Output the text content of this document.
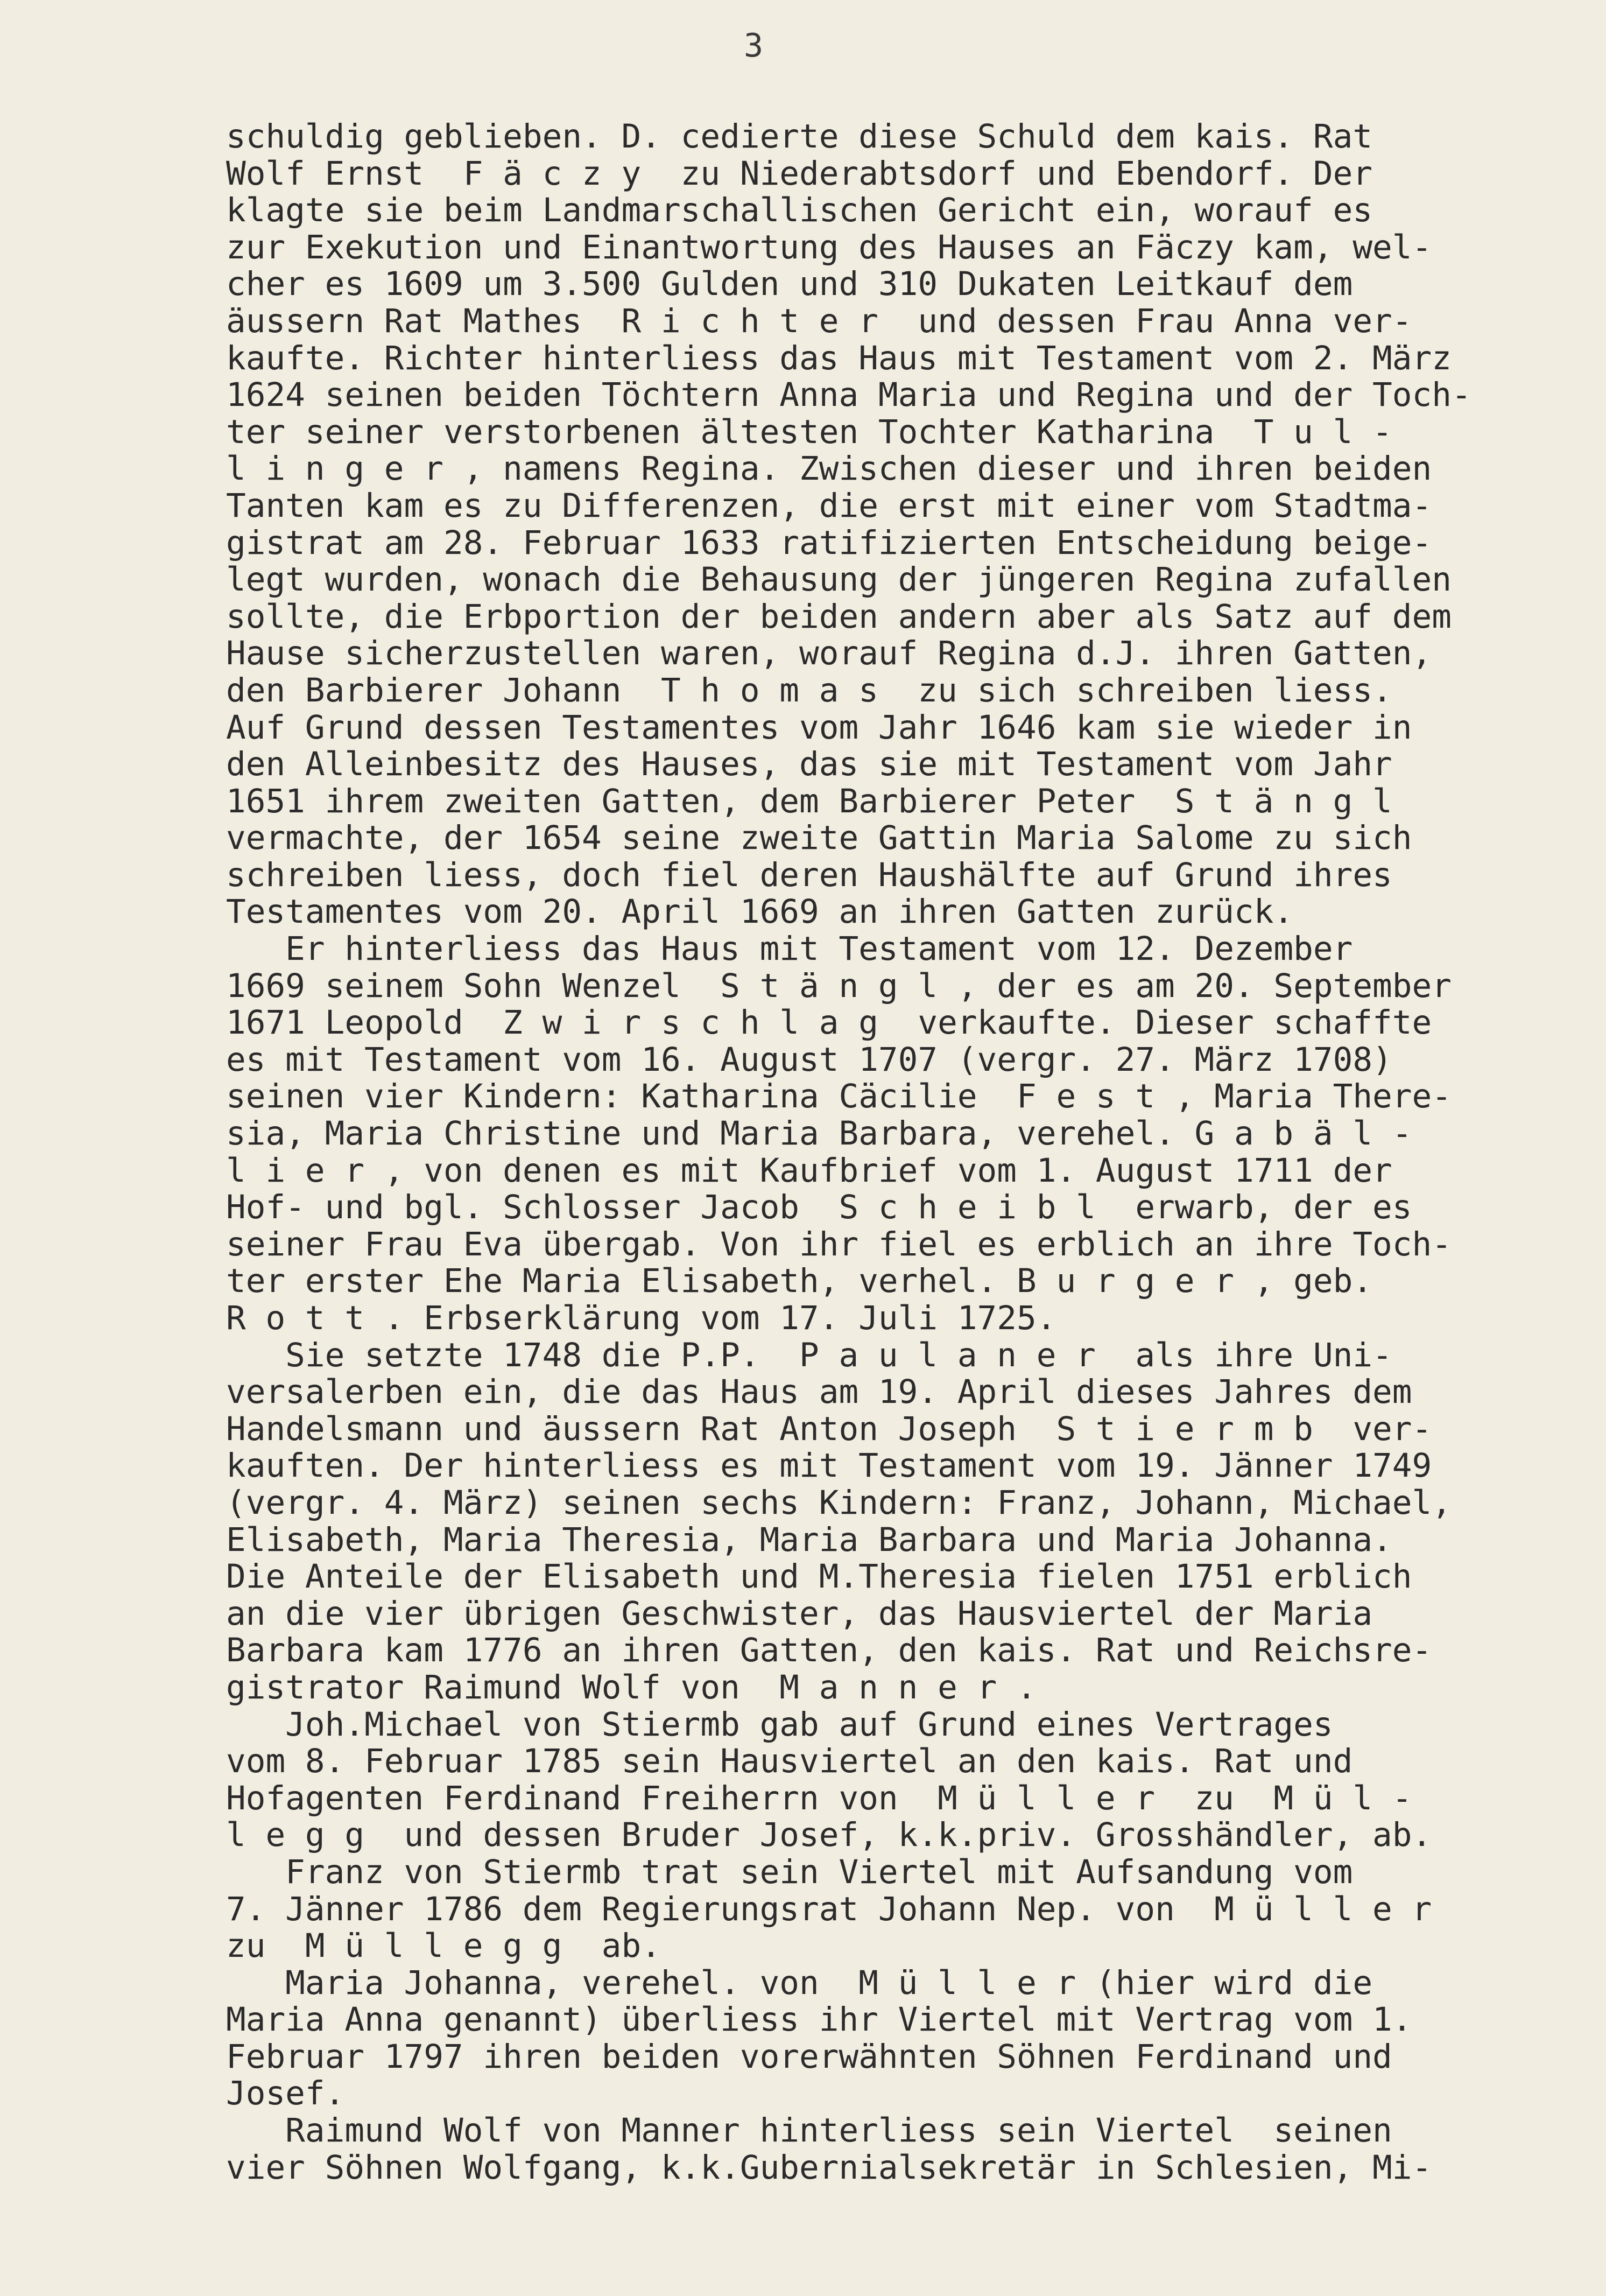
3
schuldig geblieben. D. cedierte diese Schuld dem kais. Rat
Wolf Ernst  F ä c z y  zu Niederabtsdorf und Ebendorf. Der
klagte sie beim Landmarschallischen Gericht ein, worauf es
zur Exekution und Einantwortung des Hauses an Fäczy kam, wel-
cher es 1609 um 3.500 Gulden und 310 Dukaten Leitkauf dem
äussern Rat Mathes  R i c h t e r  und dessen Frau Anna ver-
kaufte. Richter hinterliess das Haus mit Testament vom 2. März
1624 seinen beiden Töchtern Anna Maria und Regina und der Toch-
ter seiner verstorbenen ältesten Tochter Katharina  T u l -
l i n g e r , namens Regina. Zwischen dieser und ihren beiden
Tanten kam es zu Differenzen, die erst mit einer vom Stadtma-
gistrat am 28. Februar 1633 ratifizierten Entscheidung beige-
legt wurden, wonach die Behausung der jüngeren Regina zufallen
sollte, die Erbportion der beiden andern aber als Satz auf dem
Hause sicherzustellen waren, worauf Regina d.J. ihren Gatten,
den Barbierer Johann  T h o m a s  zu sich schreiben liess.
Auf Grund dessen Testamentes vom Jahr 1646 kam sie wieder in
den Alleinbesitz des Hauses, das sie mit Testament vom Jahr
1651 ihrem zweiten Gatten, dem Barbierer Peter  S t ä n g l
vermachte, der 1654 seine zweite Gattin Maria Salome zu sich
schreiben liess, doch fiel deren Haushälfte auf Grund ihres
Testamentes vom 20. April 1669 an ihren Gatten zurück.
Er hinterliess das Haus mit Testament vom 12. Dezember
1669 seinem Sohn Wenzel  S t ä n g l , der es am 20. September
1671 Leopold  Z w i r s c h l a g  verkaufte. Dieser schaffte
es mit Testament vom 16. August 1707 (vergr. 27. März 1708)
seinen vier Kindern: Katharina Cäcilie  F e s t , Maria There-
sia, Maria Christine und Maria Barbara, verehel. G a b ä l -
l i e r , von denen es mit Kaufbrief vom 1. August 1711 der
Hof- und bgl. Schlosser Jacob  S c h e i b l  erwarb, der es
seiner Frau Eva übergab. Von ihr fiel es erblich an ihre Toch-
ter erster Ehe Maria Elisabeth, verhel. B u r g e r , geb.
R o t t . Erbserklärung vom 17. Juli 1725.
Sie setzte 1748 die P.P.  P a u l a n e r  als ihre Uni-
versalerben ein, die das Haus am 19. April dieses Jahres dem
Handelsmann und äussern Rat Anton Joseph  S t i e r m b  ver-
kauften. Der hinterliess es mit Testament vom 19. Jänner 1749
(vergr. 4. März) seinen sechs Kindern: Franz, Johann, Michael,
Elisabeth, Maria Theresia, Maria Barbara und Maria Johanna.
Die Anteile der Elisabeth und M.Theresia fielen 1751 erblich
an die vier übrigen Geschwister, das Hausviertel der Maria
Barbara kam 1776 an ihren Gatten, den kais. Rat und Reichsre-
gistrator Raimund Wolf von  M a n n e r .
Joh.Michael von Stiermb gab auf Grund eines Vertrages
vom 8. Februar 1785 sein Hausviertel an den kais. Rat und
Hofagenten Ferdinand Freiherrn von  M ü l l e r  zu  M ü l -
l e g g  und dessen Bruder Josef, k.k.priv. Grosshändler, ab.
Franz von Stiermb trat sein Viertel mit Aufsandung vom
7. Jänner 1786 dem Regierungsrat Johann Nep. von  M ü l l e r
zu  M ü l l e g g  ab.
Maria Johanna, verehel. von  M ü l l e r (hier wird die
Maria Anna genannt) überliess ihr Viertel mit Vertrag vom 1.
Februar 1797 ihren beiden vorerwähnten Söhnen Ferdinand und
Josef.
Raimund Wolf von Manner hinterliess sein Viertel  seinen
vier Söhnen Wolfgang, k.k.Gubernialsekretär in Schlesien, Mi-
